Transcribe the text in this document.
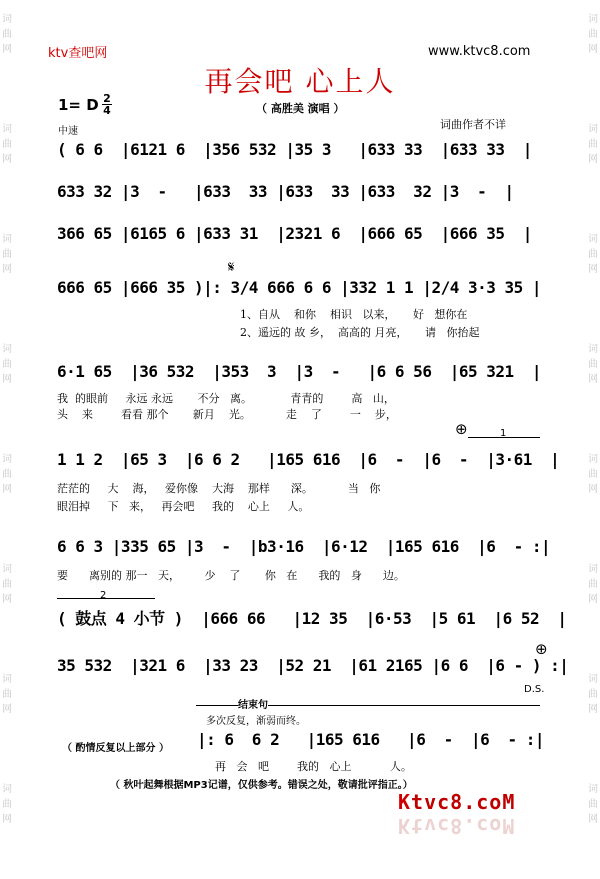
词曲网
词曲网
词曲网
词曲网
词曲网
词曲网
词曲网
词曲网
词曲网
词曲网
词曲网
词曲网
词曲网
词曲网
词曲网
词曲网
ktv查吧网	www.ktvc8.com
再会吧 心上人
1= D 2
4	（ 高胜美 演唱 ）
词曲作者不详
中速
( 6 6  |6121 6  |356 532 |35 3   |633 33  |633 33  |
633 32 |3  -   |633  33 |633  33 |633  32 |3  -  |
366 65 |6165 6 |633 31  |2321 6  |666 65  |666 35  |
666 65 |666 35 )|: 3/4 666 6 6 |332 1 1 |2/4 3·3 35 |
𝄋
1、自从    和你    相识   以来，     好   想你在
2、遥远的 故 乡，  高高的 月亮，     请   你抬起
6·1 65  |36 532  |353  3  |3  -   |6 6 56  |65 321  |
我  的眼前     永远 永远       不分   离。           青青的        高   山，
头    来        看看 那个       新月    光。          走    了        一    步，
⊕	1
1 1 2  |65 3  |6 6 2   |165 616  |6  -  |6  -  |3·61  |
茫茫的     大    海，   爱你像    大海    那样      深。          当   你
眼泪掉     下   来，   再会吧     我的    心上     人。
6 6 3 |335 65 |3  -  |b3·16  |6·12  |165 616  |6  - :|
要      离别的 那一   天，       少    了       你   在      我的   身      边。
2
( 鼓点 4 小节 )  |666 66   |12 35  |6·53  |5 61  |6 52  |
⊕
35 532  |321 6  |33 23  |52 21  |61 2165 |6 6  |6 - ) :|
D.S.
结束句
多次反复，渐弱而终。
（ 酌情反复以上部分 ） |: 6  6 2   |165 616   |6  -  |6  - :|
再   会   吧        我的   心上           人。
（ 秋叶起舞根据MP3记谱，仅供参考。错误之处，敬请批评指正。）
Ktvc8.coM
Ktvc8.coM
